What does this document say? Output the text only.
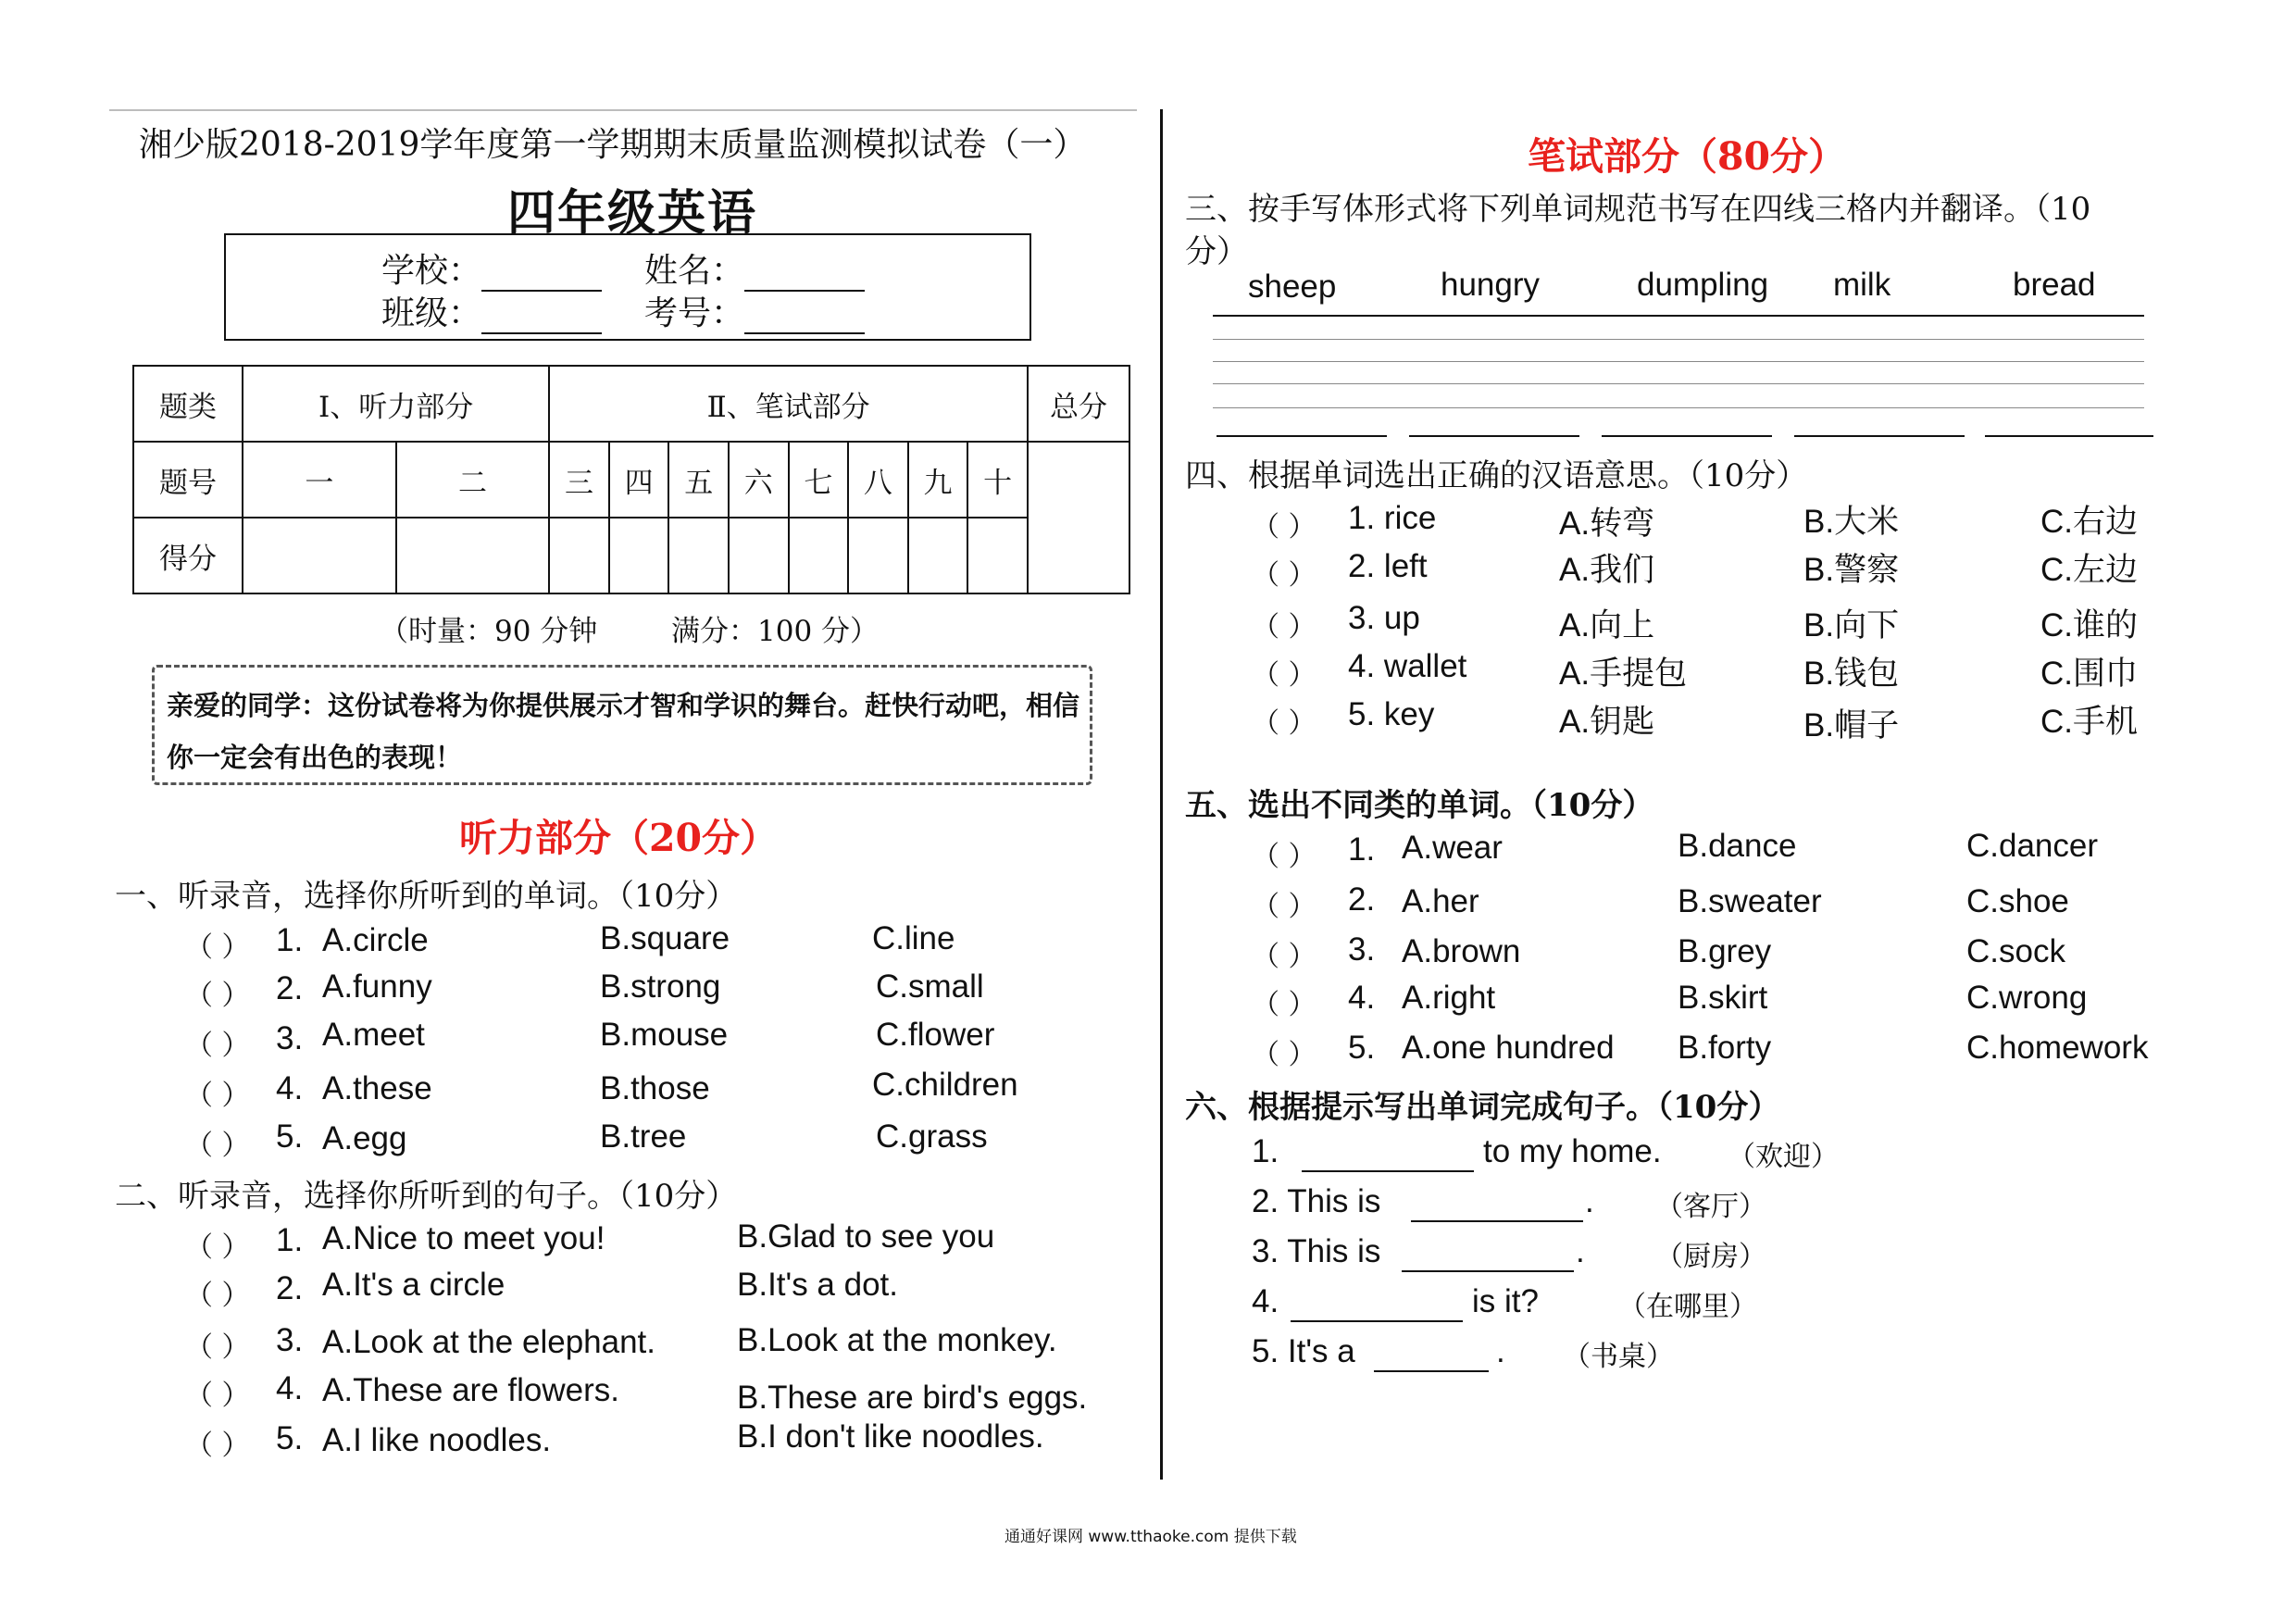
湘少版2018-2019学年度第一学期期末质量监测模拟试卷（一）
四年级英语
学校：	姓名：
班级：	考号：
题类	Ⅰ、听力部分		Ⅱ、笔试部分								总分
题号	一	二	三	四	五	六	七	八	九	十	
得分											
（时量：90 分钟	满分：100 分）
亲爱的同学：这份试卷将为你提供展示才智和学识的舞台。赶快行动吧，相信你一定会有出色的表现！
听力部分（20分）
一、听录音，选择你所听到的单词。（10分）
（ ） 1. A.circle	B.square	C.line
（ ） 2. A.funny	B.strong	C.small
（ ） 3. A.meet	B.mouse	C.flower
（ ） 4. A.these	B.those	C.children
（ ） 5. A.egg	B.tree	C.grass
二、听录音，选择你所听到的句子。（10分）
（ ） 1. A.Nice to meet you!	B.Glad to see you
（ ） 2. A.It's a circle	B.It's a dot.
（ ） 3. A.Look at the elephant.	B.Look at the monkey.
（ ） 4. A.These are flowers.	B.These are bird's eggs.
（ ） 5. A.I like noodles.	B.I don't like noodles.
笔试部分（80分）
三、按手写体形式将下列单词规范书写在四线三格内并翻译。（10
分）
sheep	hungry	dumpling milk	bread
四、根据单词选出正确的汉语意思。（10分）
（ ） 1. rice	A.转弯	B.大米	C.右边
（ ） 2. left	A.我们	B.警察	C.左边
（ ） 3. up	A.向上	B.向下	C.谁的
（ ） 4. wallet	A.手提包	B.钱包	C.围巾
（ ） 5. key	A.钥匙	B.帽子	C.手机
五、选出不同类的单词。（10分）
（ ） 1. A.wear	B.dance	C.dancer
（ ） 2. A.her	B.sweater	C.shoe
（ ） 3. A.brown	B.grey	C.sock
（ ） 4. A.right	B.skirt	C.wrong
（ ） 5. A.one hundred B.forty	C.homework
六、根据提示写出单词完成句子。（10分）
1.	to my home. （欢迎）
2. This is	. （客厅）
3. This is	.	（厨房）
4.	is it?	（在哪里）
5. It's a	. （书桌）
通通好课网 www.tthaoke.com 提供下载
